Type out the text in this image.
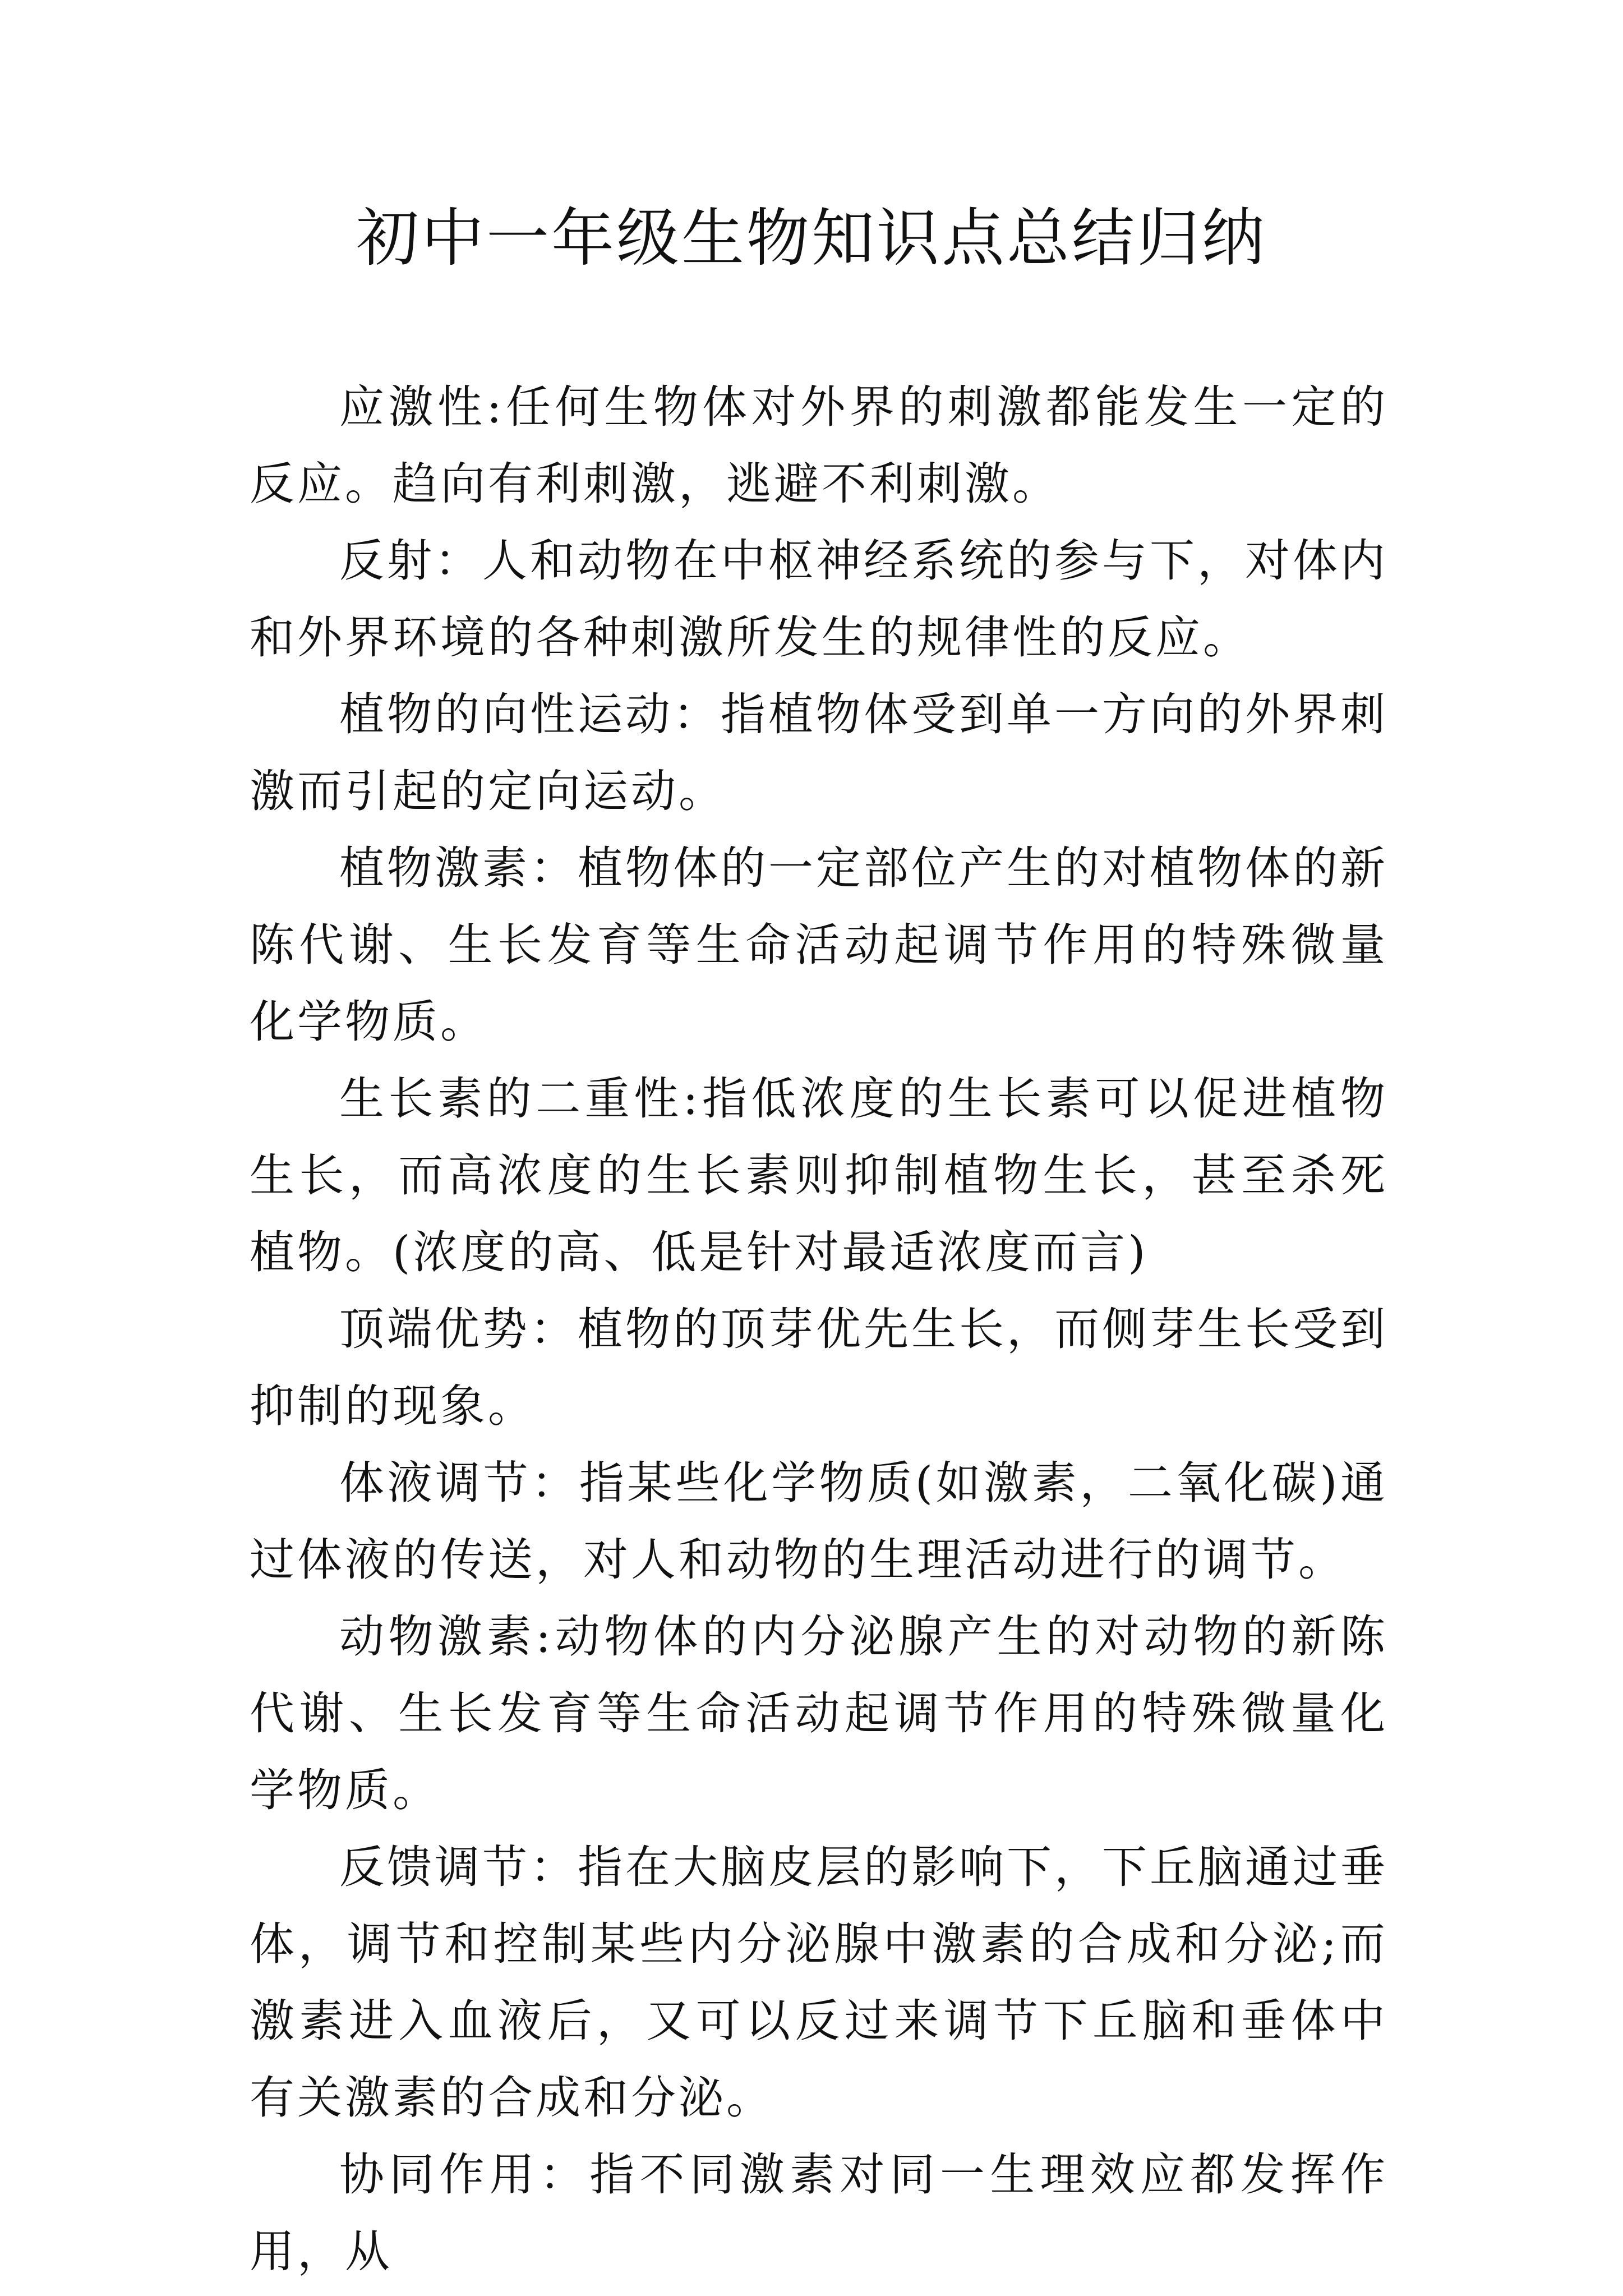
初中一年级生物知识点总结归纳

应激性:任何生物体对外界的刺激都能发生一定的反应。趋向有利刺激，逃避不利刺激。

反射：人和动物在中枢神经系统的参与下，对体内和外界环境的各种刺激所发生的规律性的反应。

植物的向性运动：指植物体受到单一方向的外界刺激而引起的定向运动。

植物激素：植物体的一定部位产生的对植物体的新陈代谢、生长发育等生命活动起调节作用的特殊微量化学物质。

生长素的二重性:指低浓度的生长素可以促进植物生长，而高浓度的生长素则抑制植物生长，甚至杀死植物。(浓度的高、低是针对最适浓度而言)

顶端优势：植物的顶芽优先生长，而侧芽生长受到抑制的现象。

体液调节：指某些化学物质(如激素，二氧化碳)通过体液的传送，对人和动物的生理活动进行的调节。

动物激素:动物体的内分泌腺产生的对动物的新陈代谢、生长发育等生命活动起调节作用的特殊微量化学物质。

反馈调节：指在大脑皮层的影响下，下丘脑通过垂体，调节和控制某些内分泌腺中激素的合成和分泌;而激素进入血液后，又可以反过来调节下丘脑和垂体中有关激素的合成和分泌。

协同作用：指不同激素对同一生理效应都发挥作用，从
